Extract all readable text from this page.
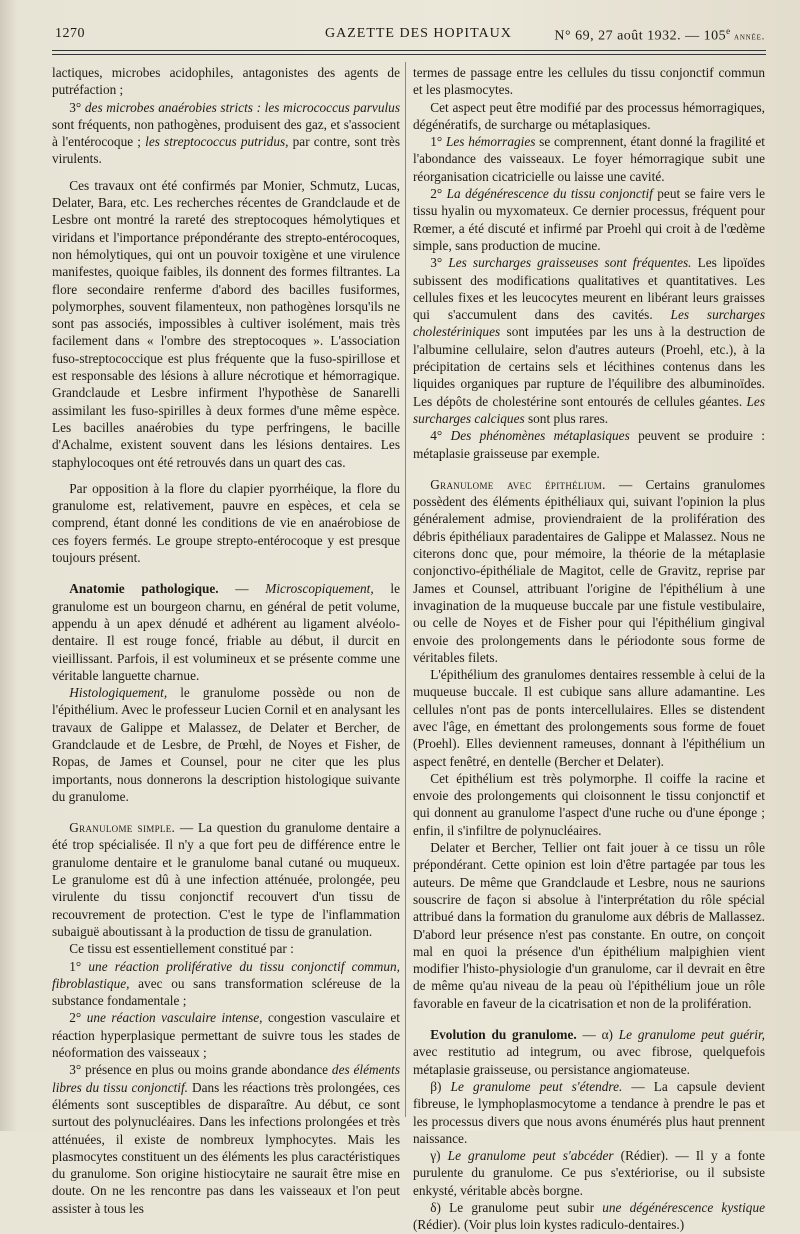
1270	GAZETTE DES HOPITAUX	N° 69, 27 août 1932. — 105e année.

lactiques, microbes acidophiles, antagonistes des agents de putréfaction ;

3° des microbes anaérobies stricts : les micrococcus parvulus sont fréquents, non pathogènes, produisent des gaz, et s'associent à l'entérocoque ; les streptococcus putridus, par contre, sont très virulents.

Ces travaux ont été confirmés par Monier, Schmutz, Lucas, Delater, Bara, etc. Les recherches récentes de Grandclaude et de Lesbre ont montré la rareté des streptocoques hémolytiques et viridans et l'importance prépondérante des strepto-entérocoques, non hémolytiques, qui ont un pouvoir toxigène et une virulence manifestes, quoique faibles, ils donnent des formes filtrantes. La flore secondaire renferme d'abord des bacilles fusiformes, polymorphes, souvent filamenteux, non pathogènes lorsqu'ils ne sont pas associés, impossibles à cultiver isolément, mais très facilement dans « l'ombre des streptocoques ». L'association fuso-streptococcique est plus fréquente que la fuso-spirillose et est responsable des lésions à allure nécrotique et hémorragique. Grandclaude et Lesbre infirment l'hypothèse de Sanarelli assimilant les fuso-spirilles à deux formes d'une même espèce. Les bacilles anaérobies du type perfringens, le bacille d'Achalme, existent souvent dans les lésions dentaires. Les staphylocoques ont été retrouvés dans un quart des cas.

Par opposition à la flore du clapier pyorrhéique, la flore du granulome est, relativement, pauvre en espèces, et cela se comprend, étant donné les conditions de vie en anaérobiose de ces foyers fermés. Le groupe strepto-entérocoque y est presque toujours présent.

Anatomie pathologique. — Microscopiquement, le granulome est un bourgeon charnu, en général de petit volume, appendu à un apex dénudé et adhérent au ligament alvéolo-dentaire. Il est rouge foncé, friable au début, il durcit en vieillissant. Parfois, il est volumineux et se présente comme une véritable languette charnue.

Histologiquement, le granulome possède ou non de l'épithélium. Avec le professeur Lucien Cornil et en analysant les travaux de Galippe et Malassez, de Delater et Bercher, de Grandclaude et de Lesbre, de Prœhl, de Noyes et Fisher, de Ropas, de James et Counsel, pour ne citer que les plus importants, nous donnerons la description histologique suivante du granulome.

Granulome simple. — La question du granulome dentaire a été trop spécialisée. Il n'y a que fort peu de différence entre le granulome dentaire et le granulome banal cutané ou muqueux. Le granulome est dû à une infection atténuée, prolongée, peu virulente du tissu conjonctif recouvert d'un tissu de recouvrement de protection. C'est le type de l'inflammation subaiguë aboutissant à la production de tissu de granulation.

Ce tissu est essentiellement constitué par :

1° une réaction proliférative du tissu conjonctif commun, fibroblastique, avec ou sans transformation scléreuse de la substance fondamentale ;

2° une réaction vasculaire intense, congestion vasculaire et réaction hyperplasique permettant de suivre tous les stades de néoformation des vaisseaux ;

3° présence en plus ou moins grande abondance des éléments libres du tissu conjonctif. Dans les réactions très prolongées, ces éléments sont susceptibles de disparaître. Au début, ce sont surtout des polynucléaires. Dans les infections prolongées et très atténuées, il existe de nombreux lymphocytes. Mais les plasmocytes constituent un des éléments les plus caractéristiques du granulome. Son origine histiocytaire ne saurait être mise en doute. On ne les rencontre pas dans les vaisseaux et l'on peut assister à tous les

termes de passage entre les cellules du tissu conjonctif commun et les plasmocytes.

Cet aspect peut être modifié par des processus hémorragiques, dégénératifs, de surcharge ou métaplasiques.

1° Les hémorragies se comprennent, étant donné la fragilité et l'abondance des vaisseaux. Le foyer hémorragique subit une réorganisation cicatricielle ou laisse une cavité.

2° La dégénérescence du tissu conjonctif peut se faire vers le tissu hyalin ou myxomateux. Ce dernier processus, fréquent pour Rœmer, a été discuté et infirmé par Proehl qui croit à de l'œdème simple, sans production de mucine.

3° Les surcharges graisseuses sont fréquentes. Les lipoïdes subissent des modifications qualitatives et quantitatives. Les cellules fixes et les leucocytes meurent en libérant leurs graisses qui s'accumulent dans des cavités. Les surcharges cholestériniques sont imputées par les uns à la destruction de l'albumine cellulaire, selon d'autres auteurs (Proehl, etc.), à la précipitation de certains sels et lécithines contenus dans les liquides organiques par rupture de l'équilibre des albuminoïdes. Les dépôts de cholestérine sont entourés de cellules géantes. Les surcharges calciques sont plus rares.

4° Des phénomènes métaplasiques peuvent se produire : métaplasie graisseuse par exemple.

Granulome avec épithélium. — Certains granulomes possèdent des éléments épithéliaux qui, suivant l'opinion la plus généralement admise, proviendraient de la prolifération des débris épithéliaux paradentaires de Galippe et Malassez. Nous ne citerons donc que, pour mémoire, la théorie de la métaplasie conjonctivo-épithéliale de Magitot, celle de Gravitz, reprise par James et Counsel, attribuant l'origine de l'épithélium à une invagination de la muqueuse buccale par une fistule vestibulaire, ou celle de Noyes et de Fisher pour qui l'épithélium gingival envoie des prolongements dans le périodonte sous forme de véritables filets.

L'épithélium des granulomes dentaires ressemble à celui de la muqueuse buccale. Il est cubique sans allure adamantine. Les cellules n'ont pas de ponts intercellulaires. Elles se distendent avec l'âge, en émettant des prolongements sous forme de fouet (Proehl). Elles deviennent rameuses, donnant à l'épithélium un aspect fenêtré, en dentelle (Bercher et Delater).

Cet épithélium est très polymorphe. Il coiffe la racine et envoie des prolongements qui cloisonnent le tissu conjonctif et qui donnent au granulome l'aspect d'une ruche ou d'une éponge ; enfin, il s'infiltre de polynucléaires.

Delater et Bercher, Tellier ont fait jouer à ce tissu un rôle prépondérant. Cette opinion est loin d'être partagée par tous les auteurs. De même que Grandclaude et Lesbre, nous ne saurions souscrire de façon si absolue à l'interprétation du rôle spécial attribué dans la formation du granulome aux débris de Mallassez. D'abord leur présence n'est pas constante. En outre, on conçoit mal en quoi la présence d'un épithélium malpighien vient modifier l'histo-physiologie d'un granulome, car il devrait en être de même qu'au niveau de la peau où l'épithélium joue un rôle favorable en faveur de la cicatrisation et non de la prolifération.

Evolution du granulome. — α) Le granulome peut guérir, avec restitutio ad integrum, ou avec fibrose, quelquefois métaplasie graisseuse, ou persistance angiomateuse.

β) Le granulome peut s'étendre. — La capsule devient fibreuse, le lymphoplasmocytome a tendance à prendre le pas et les processus divers que nous avons énumérés plus haut prennent naissance.

γ) Le granulome peut s'abcéder (Rédier). — Il y a fonte purulente du granulome. Ce pus s'extériorise, ou il subsiste enkysté, véritable abcès borgne.

δ) Le granulome peut subir une dégénérescence kystique (Rédier). (Voir plus loin kystes radiculo-dentaires.)
